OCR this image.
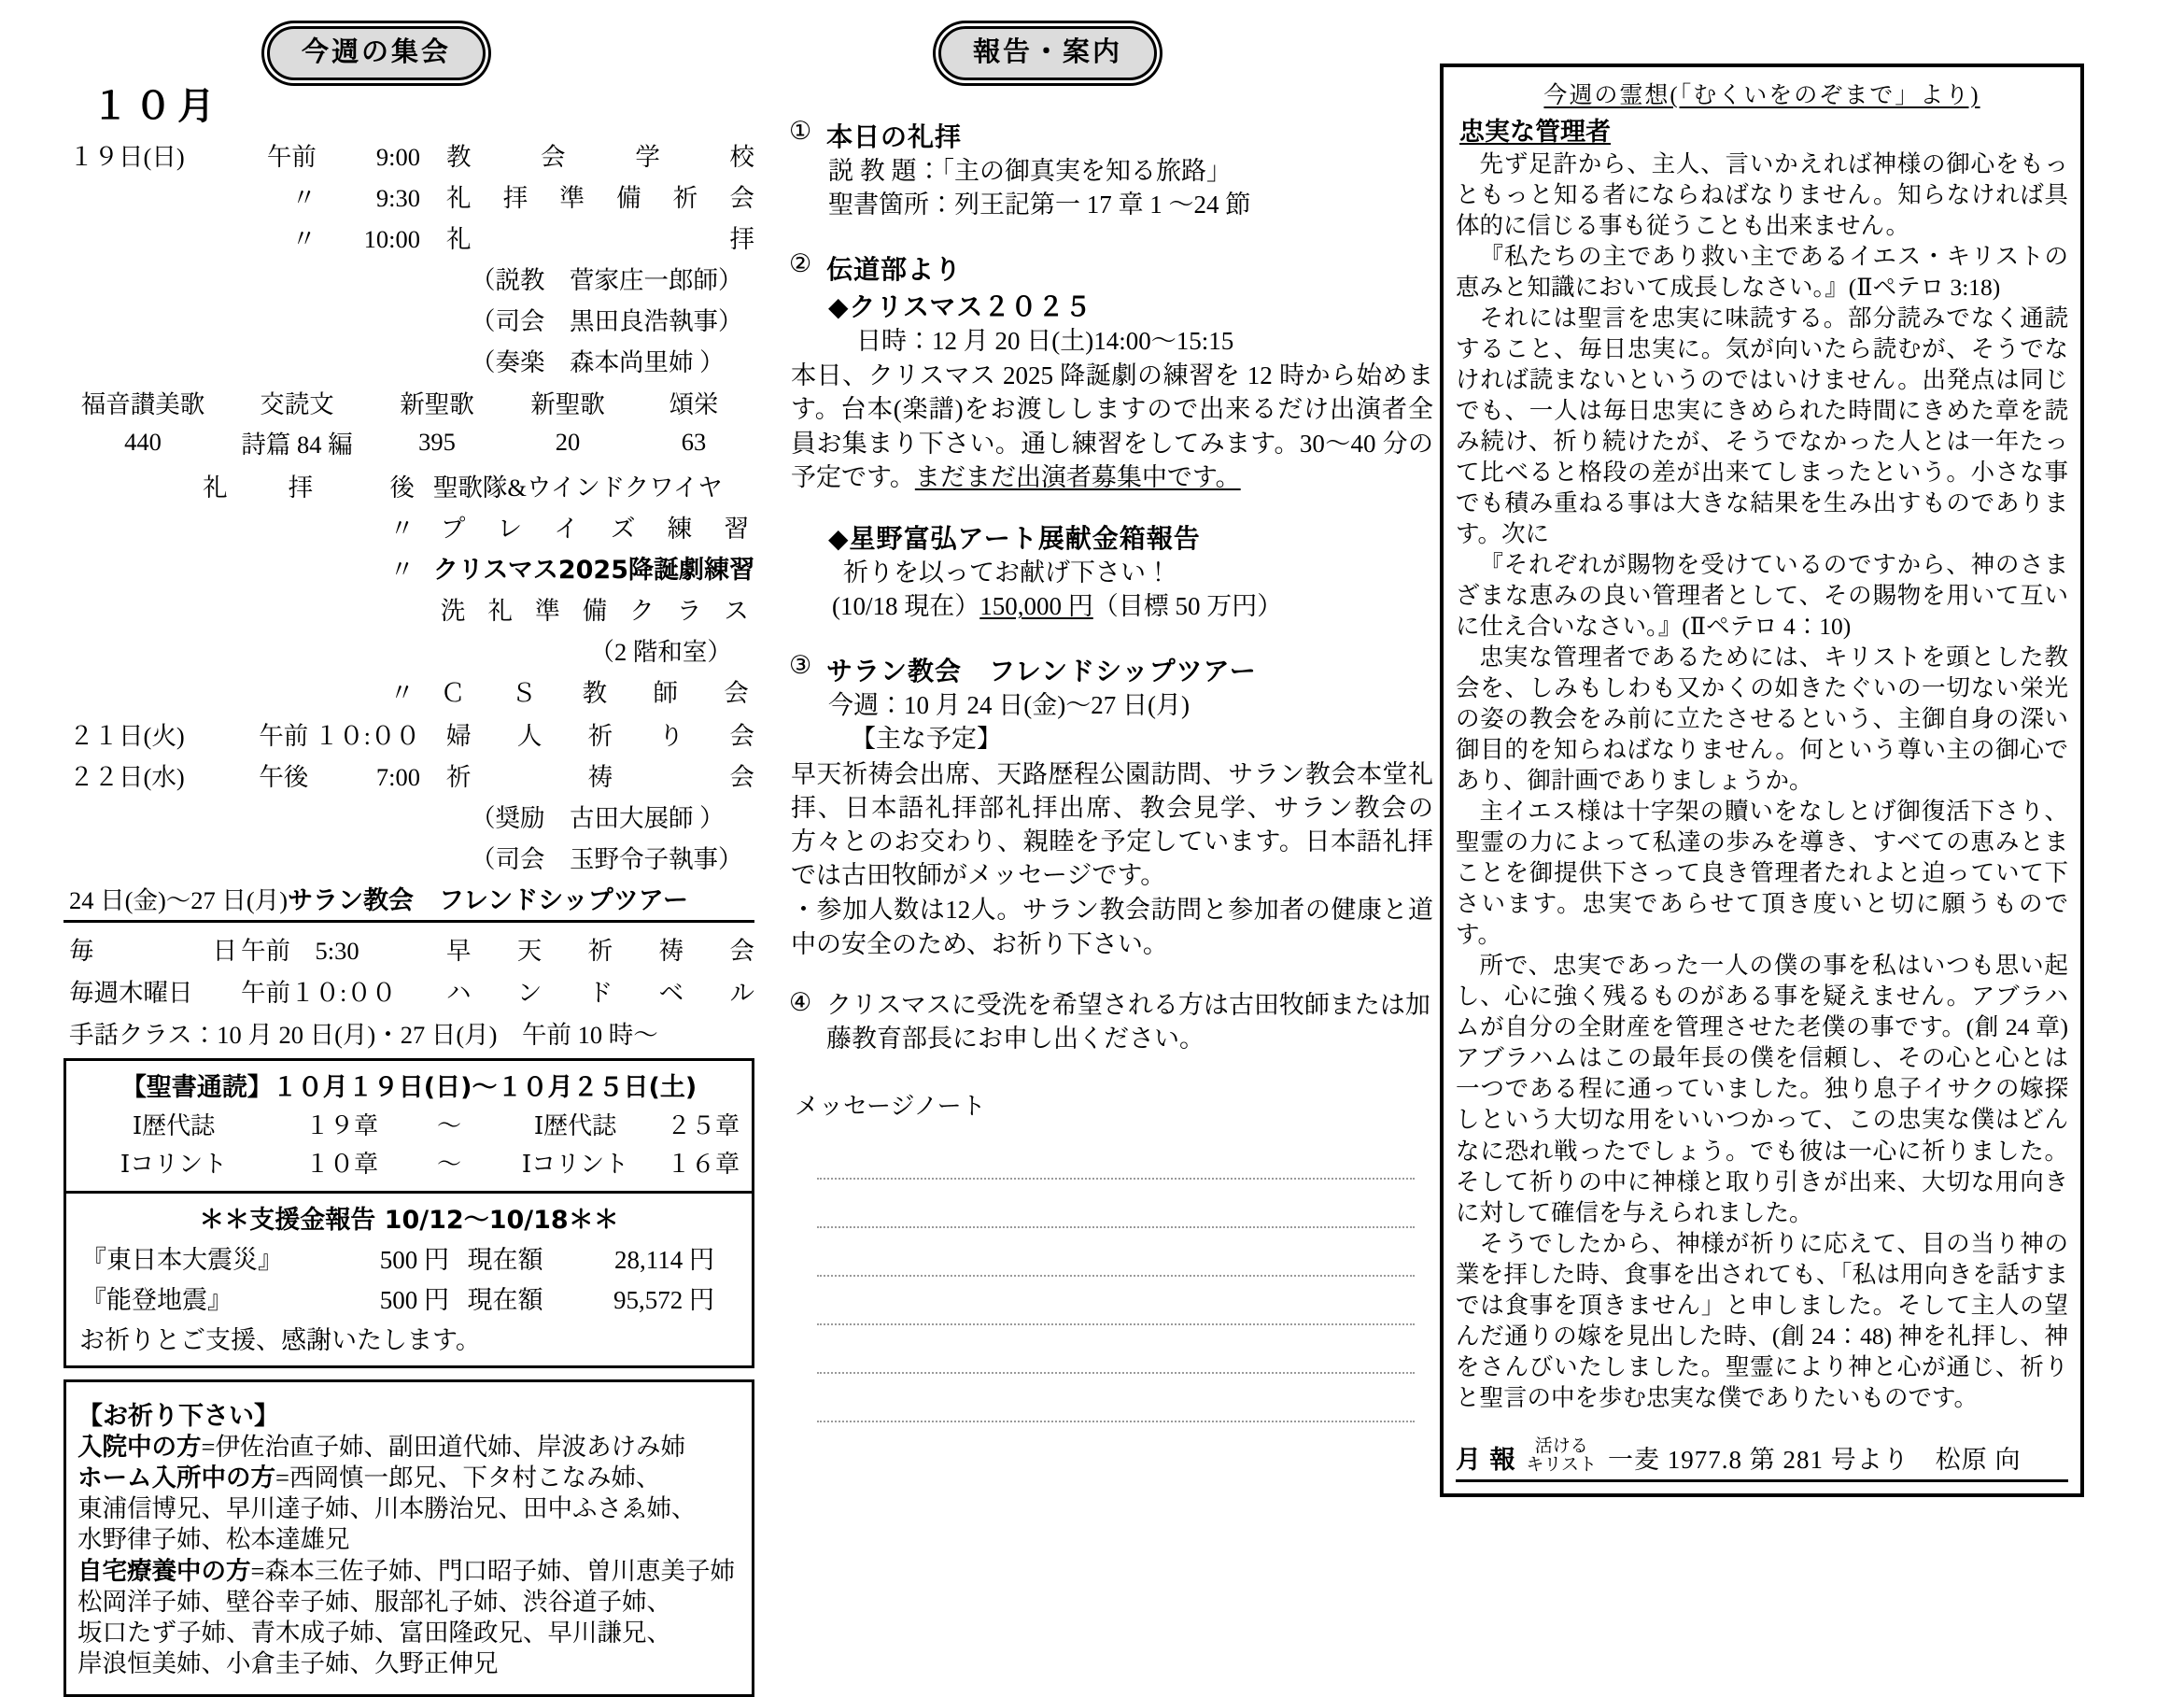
今週の集会
１０月
１９日(日)	午前	9:00	教 会 学 校

	〃	9:30	礼 拝 準 備 祈 会

	〃	10:00	礼 拝

			（説教　菅家庄一郎師）
			（司会　黒田良浩執事）
			（奏楽　森本尚里姉 ）
福音讃美歌	交読文	新聖歌	新聖歌	頌栄
440	詩篇 84 編	395	20	63

	礼 拝	後	聖歌隊&ウインドクワイヤ
		〃	プ レ イ ズ 練 習

		〃	クリスマス2025降誕劇練習

洗 礼 準 備 ク ラ ス

			（2 階和室）

		〃	Ｃ Ｓ 教 師 会
２１日(火)	午前	１０:００	婦 人 祈 り 会

２２日(水)	午後	7:00	祈 祷 会

			（奨励　古田大展師 ）
			（司会　玉野令子執事）
24 日(金)〜27 日(月)サラン教会　フレンドシップツアー
毎 日	午前　5:30	早 天 祈 祷 会

毎週木曜日	午前１０:００	ハ ン ド ベ ル
手話クラス：10 月 20 日(月)・27 日(月)　午前 10 時〜
【聖書通読】１０月１９日(日)〜１０月２５日(土)
Ⅰ歴代誌	１９章	〜	Ⅰ歴代誌	２５章
Ⅰコリント	１０章	〜	Ⅰコリント	１６章
＊＊支援金報告 10/12〜10/18＊＊
『東日本大震災』	500 円	現在額	28,114 円
『能登地震』	500 円	現在額	95,572 円
お祈りとご支援、感謝いたします。
【お祈り下さい】
入院中の方=伊佐治直子姉、副田道代姉、岸波あけみ姉
ホーム入所中の方=西岡慎一郎兄、下タ村こなみ姉、
東浦信博兄、早川達子姉、川本勝治兄、田中ふさゑ姉、
水野律子姉、松本達雄兄
自宅療養中の方=森本三佐子姉、門口昭子姉、曽川恵美子姉
松岡洋子姉、壁谷幸子姉、服部礼子姉、渋谷道子姉、
坂口たず子姉、青木成子姉、富田隆政兄、早川謙兄、
岸浪恒美姉、小倉圭子姉、久野正伸兄
報告・案内
① 本日の礼拝
説 教 題：「主の御真実を知る旅路」
聖書箇所：列王記第一 17 章 1 〜24 節
② 伝道部より
◆クリスマス２０２５
日時：12 月 20 日(土)14:00〜15:15
本日、クリスマス 2025 降誕劇の練習を 12 時から始めます。台本(楽譜)をお渡ししますので出来るだけ出演者全員お集まり下さい。通し練習をしてみます。30〜40 分の予定です。まだまだ出演者募集中です。
◆星野富弘アート展献金箱報告
祈りを以ってお献げ下さい！
(10/18 現在）150,000 円（目標 50 万円）
③ サラン教会　フレンドシップツアー
今週：10 月 24 日(金)〜27 日(月)
【主な予定】
早天祈祷会出席、天路歴程公園訪問、サラン教会本堂礼拝、日本語礼拝部礼拝出席、教会見学、サラン教会の方々とのお交わり、親睦を予定しています。日本語礼拝では古田牧師がメッセージです。
・参加人数は12人。サラン教会訪問と参加者の健康と道中の安全のため、お祈り下さい。
④ クリスマスに受洗を希望される方は古田牧師または加藤教育部長にお申し出ください。
メッセージノート
今週の霊想(「むくいをのぞまで」より)
忠実な管理者
先ず足許から、主人、言いかえれば神様の御心をもっともっと知る者にならねばなりません。知らなければ具体的に信じる事も従うことも出来ません。
『私たちの主であり救い主であるイエス・キリストの恵みと知識において成長しなさい。』(Ⅱペテロ 3:18)
それには聖言を忠実に味読する。部分読みでなく通読すること、毎日忠実に。気が向いたら読むが、そうでなければ読まないというのではいけません。出発点は同じでも、一人は毎日忠実にきめられた時間にきめた章を読み続け、祈り続けたが、そうでなかった人とは一年たって比べると格段の差が出来てしまったという。小さな事でも積み重ねる事は大きな結果を生み出すものであります。次に
『それぞれが賜物を受けているのですから、神のさまざまな恵みの良い管理者として、その賜物を用いて互いに仕え合いなさい。』(Ⅱペテロ 4：10)
忠実な管理者であるためには、キリストを頭とした教会を、しみもしわも又かくの如きたぐいの一切ない栄光の姿の教会をみ前に立たさせるという、主御自身の深い御目的を知らねばなりません。何という尊い主の御心であり、御計画でありましょうか。
主イエス様は十字架の贖いをなしとげ御復活下さり、聖霊の力によって私達の歩みを導き、すべての恵みとまことを御提供下さって良き管理者たれよと迫っていて下さいます。忠実であらせて頂き度いと切に願うものです。
所で、忠実であった一人の僕の事を私はいつも思い起し、心に強く残るものがある事を疑えません。アブラハムが自分の全財産を管理させた老僕の事です。(創 24 章) アブラハムはこの最年長の僕を信頼し、その心と心とは一つである程に通っていました。独り息子イサクの嫁探しという大切な用をいいつかって、この忠実な僕はどんなに恐れ戦ったでしょう。でも彼は一心に祈りました。そして祈りの中に神様と取り引きが出来、大切な用向きに対して確信を与えられました。
そうでしたから、神様が祈りに応えて、目の当り神の業を拝した時、食事を出されても、「私は用向きを話すまでは食事を頂きません」と申しました。そして主人の望んだ通りの嫁を見出した時、(創 24：48) 神を礼拝し、神をさんびいたしました。聖霊により神と心が通じ、祈りと聖言の中を歩む忠実な僕でありたいものです。
月 報	活ける
キリスト 一麦 1977.8 第 281 号より　松原 向
